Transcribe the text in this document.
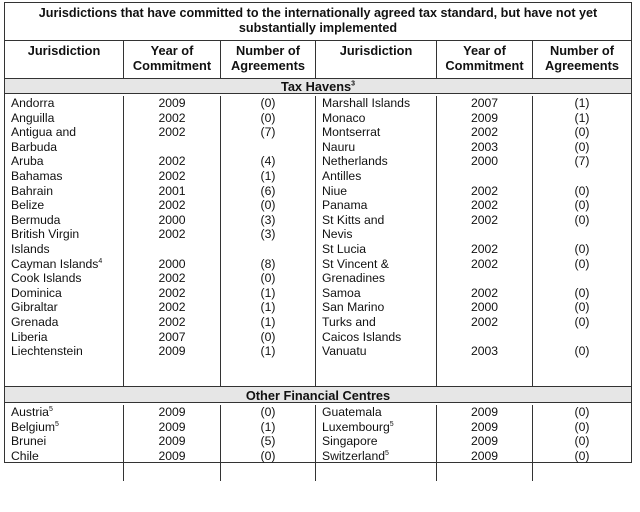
Jurisdictions that have committed to the internationally agreed tax standard, but have not yet substantially implemented
Jurisdiction	Year of Commitment
Number of Agreements
Jurisdiction	Year of Commitment
Number of Agreements
Tax Havens$^3$
Andorra
Anguilla
Antigua and
Barbuda
Aruba
Bahamas
Bahrain
Belize
Bermuda
British Virgin
Islands
Cayman Islands$^4$
Cook Islands
Dominica
Gibraltar
Grenada
Liberia
Liechtenstein
2009
2002
2002
2002
2002
2001
2002
2000
2002
2000
2002
2002
2002
2002
2007
2009
(0)
(0)
(7)
(4)
(1)
(6)
(0)
(3)
(3)
(8)
(0)
(1)
(1)
(1)
(0)
(1)
Marshall Islands
Monaco
Montserrat
Nauru
Netherlands
Antilles
Niue
Panama
St Kitts and
Nevis
St Lucia
St Vincent &
Grenadines
Samoa
San Marino
Turks and
Caicos Islands
Vanuatu
2007
2009
2002
2003
2000
2002
2002
2002
2002
2002
2002
2000
2002
2003
(1)
(1)
(0)
(0)
(7)
(0)
(0)
(0)
(0)
(0)
(0)
(0)
(0)
(0)
Other Financial Centres
Austria$^5$
Belgium$^5$
Brunei
Chile
2009
2009
2009
2009
(0)
(1)
(5)
(0)
Guatemala
Luxembourg$^5$
Singapore
Switzerland$^5$
2009
2009
2009
2009
(0)
(0)
(0)
(0)
